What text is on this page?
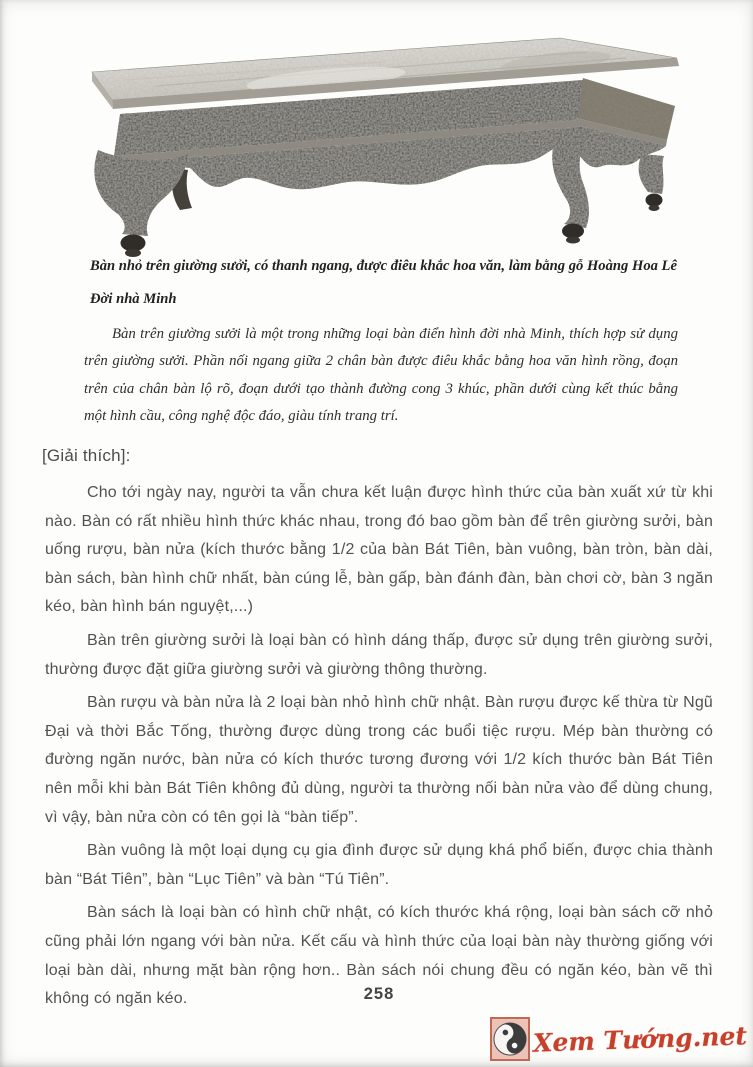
Bàn nhỏ trên giường sưởi, có thanh ngang, được điêu khắc hoa văn, làm bằng gỗ Hoàng Hoa Lê
Đời nhà Minh
Bàn trên giường sưởi là một trong những loại bàn điển hình đời nhà Minh, thích hợp sử dụng trên giường sưởi. Phần nối ngang giữa 2 chân bàn được điêu khắc bằng hoa văn hình rồng, đoạn trên của chân bàn lộ rõ, đoạn dưới tạo thành đường cong 3 khúc, phần dưới cùng kết thúc bằng một hình cầu, công nghệ độc đáo, giàu tính trang trí.
[Giải thích]:

Cho tới ngày nay, người ta vẫn chưa kết luận được hình thức của bàn xuất xứ từ khi nào. Bàn có rất nhiều hình thức khác nhau, trong đó bao gồm bàn để trên giường sưởi, bàn uống rượu, bàn nửa (kích thước bằng 1/2 của bàn Bát Tiên, bàn vuông, bàn tròn, bàn dài, bàn sách, bàn hình chữ nhất, bàn cúng lễ, bàn gấp, bàn đánh đàn, bàn chơi cờ, bàn 3 ngăn kéo, bàn hình bán nguyệt,...)

Bàn trên giường sưởi là loại bàn có hình dáng thấp, được sử dụng trên giường sưởi, thường được đặt giữa giường sưởi và giường thông thường.

Bàn rượu và bàn nửa là 2 loại bàn nhỏ hình chữ nhật. Bàn rượu được kế thừa từ Ngũ Đại và thời Bắc Tống, thường được dùng trong các buổi tiệc rượu. Mép bàn thường có đường ngăn nước, bàn nửa có kích thước tương đương với 1/2 kích thước bàn Bát Tiên nên mỗi khi bàn Bát Tiên không đủ dùng, người ta thường nối bàn nửa vào để dùng chung, vì vậy, bàn nửa còn có tên gọi là “bàn tiếp”.

Bàn vuông là một loại dụng cụ gia đình được sử dụng khá phổ biến, được chia thành bàn “Bát Tiên”, bàn “Lục Tiên” và bàn “Tú Tiên”.

Bàn sách là loại bàn có hình chữ nhật, có kích thước khá rộng, loại bàn sách cỡ nhỏ cũng phải lớn ngang với bàn nửa. Kết cấu và hình thức của loại bàn này thường giống với loại bàn dài, nhưng mặt bàn rộng hơn.. Bàn sách nói chung đều có ngăn kéo, bàn vẽ thì không có ngăn kéo.	258
Xem Tướng.net
